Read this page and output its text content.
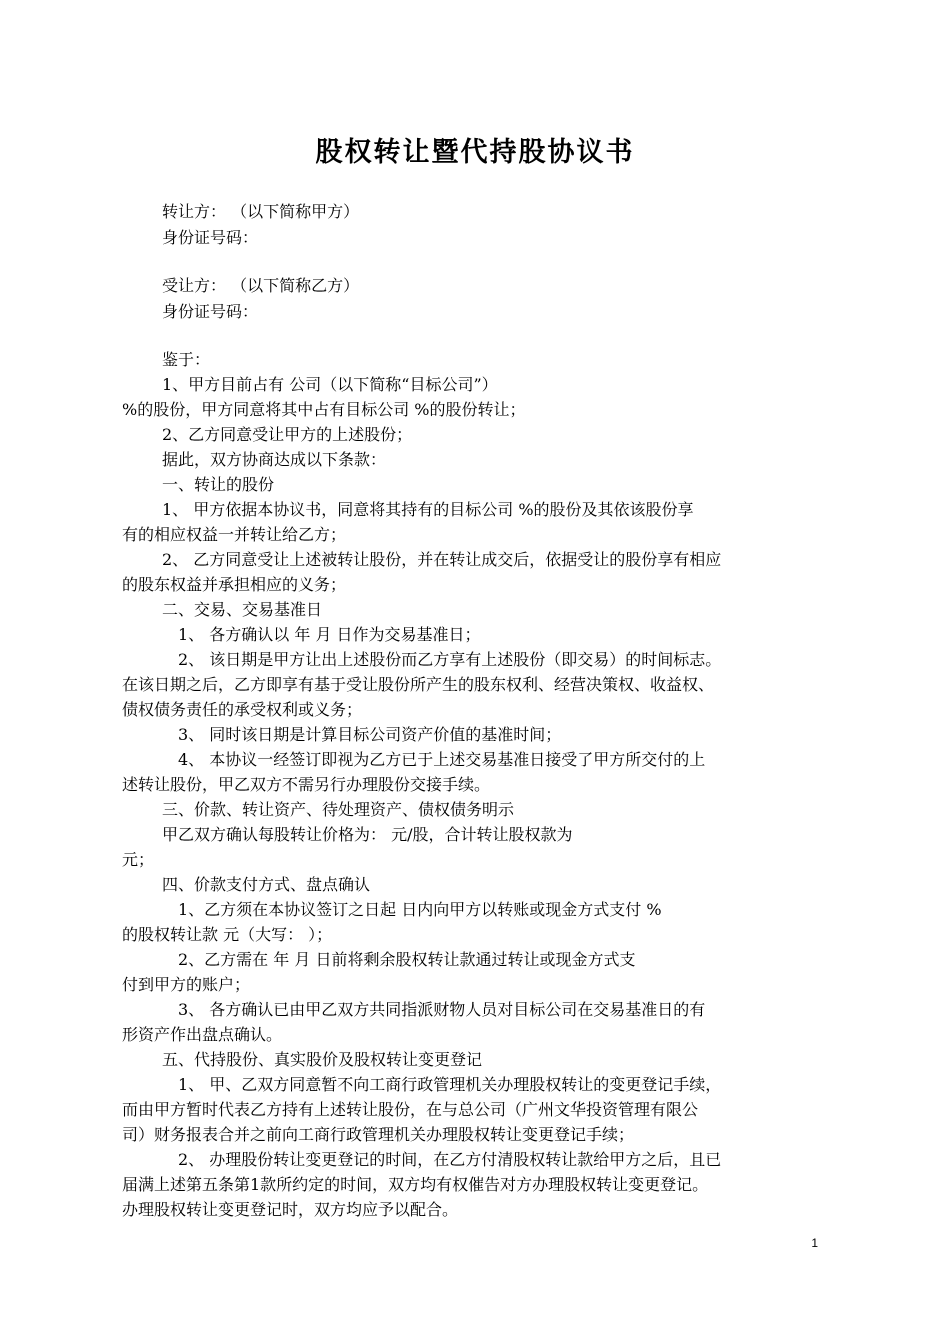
股权转让暨代持股协议书
转让方： （以下简称甲方）
身份证号码：
受让方： （以下简称乙方）
身份证号码：
鉴于：
1、甲方目前占有 公司（以下简称“目标公司”）
%的股份，甲方同意将其中占有目标公司 %的股份转让；
2、乙方同意受让甲方的上述股份；
据此，双方协商达成以下条款：
一、转让的股份
1、 甲方依据本协议书，同意将其持有的目标公司 %的股份及其依该股份享
有的相应权益一并转让给乙方；
2、 乙方同意受让上述被转让股份，并在转让成交后，依据受让的股份享有相应
的股东权益并承担相应的义务；
二、交易、交易基准日
1、 各方确认以 年 月 日作为交易基准日；
2、 该日期是甲方让出上述股份而乙方享有上述股份（即交易）的时间标志。
在该日期之后，乙方即享有基于受让股份所产生的股东权利、经营决策权、收益权、
债权债务责任的承受权利或义务；
3、 同时该日期是计算目标公司资产价值的基准时间；
4、 本协议一经签订即视为乙方已于上述交易基准日接受了甲方所交付的上
述转让股份，甲乙双方不需另行办理股份交接手续。
三、价款、转让资产、待处理资产、债权债务明示
甲乙双方确认每股转让价格为： 元/股，合计转让股权款为
元；
四、价款支付方式、盘点确认
1、乙方须在本协议签订之日起 日内向甲方以转账或现金方式支付 %
的股权转让款 元（大写： ）；
2、乙方需在 年 月 日前将剩余股权转让款通过转让或现金方式支
付到甲方的账户；
3、 各方确认已由甲乙双方共同指派财物人员对目标公司在交易基准日的有
形资产作出盘点确认。
五、代持股份、真实股价及股权转让变更登记
1、 甲、乙双方同意暂不向工商行政管理机关办理股权转让的变更登记手续，
而由甲方暂时代表乙方持有上述转让股份，在与总公司（广州文华投资管理有限公
司）财务报表合并之前向工商行政管理机关办理股权转让变更登记手续；
2、 办理股份转让变更登记的时间，在乙方付清股权转让款给甲方之后，且已
届满上述第五条第1款所约定的时间，双方均有权催告对方办理股权转让变更登记。
办理股权转让变更登记时，双方均应予以配合。
1
